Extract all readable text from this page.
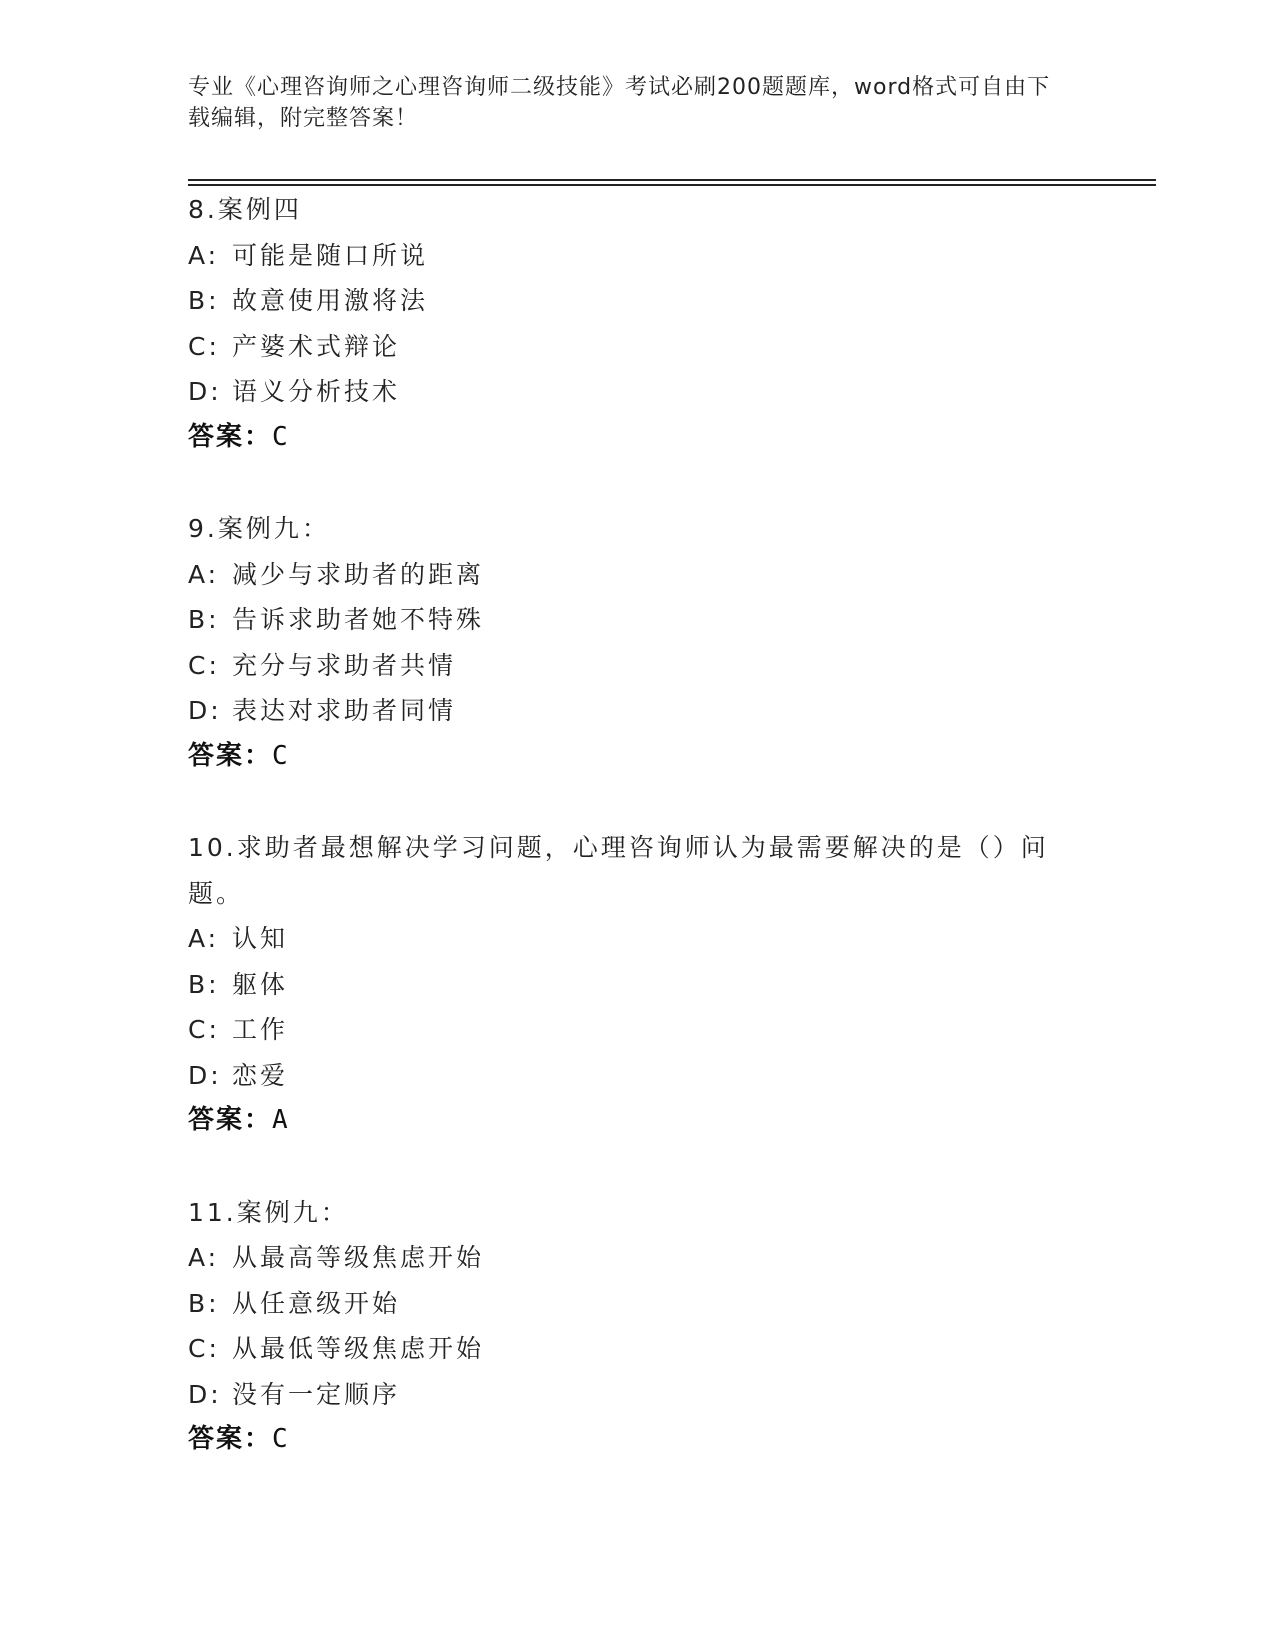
专业《心理咨询师之心理咨询师二级技能》考试必刷200题题库，word格式可自由下载编辑，附完整答案！
8.案例四
A: 可能是随口所说
B: 故意使用激将法
C: 产婆术式辩论
D: 语义分析技术
答案：C
9.案例九：
A: 减少与求助者的距离
B: 告诉求助者她不特殊
C: 充分与求助者共情
D: 表达对求助者同情
答案：C
10.求助者最想解决学习问题，心理咨询师认为最需要解决的是（）问题。
A: 认知
B: 躯体
C: 工作
D: 恋爱
答案：A
11.案例九：
A: 从最高等级焦虑开始
B: 从任意级开始
C: 从最低等级焦虑开始
D: 没有一定顺序
答案：C
